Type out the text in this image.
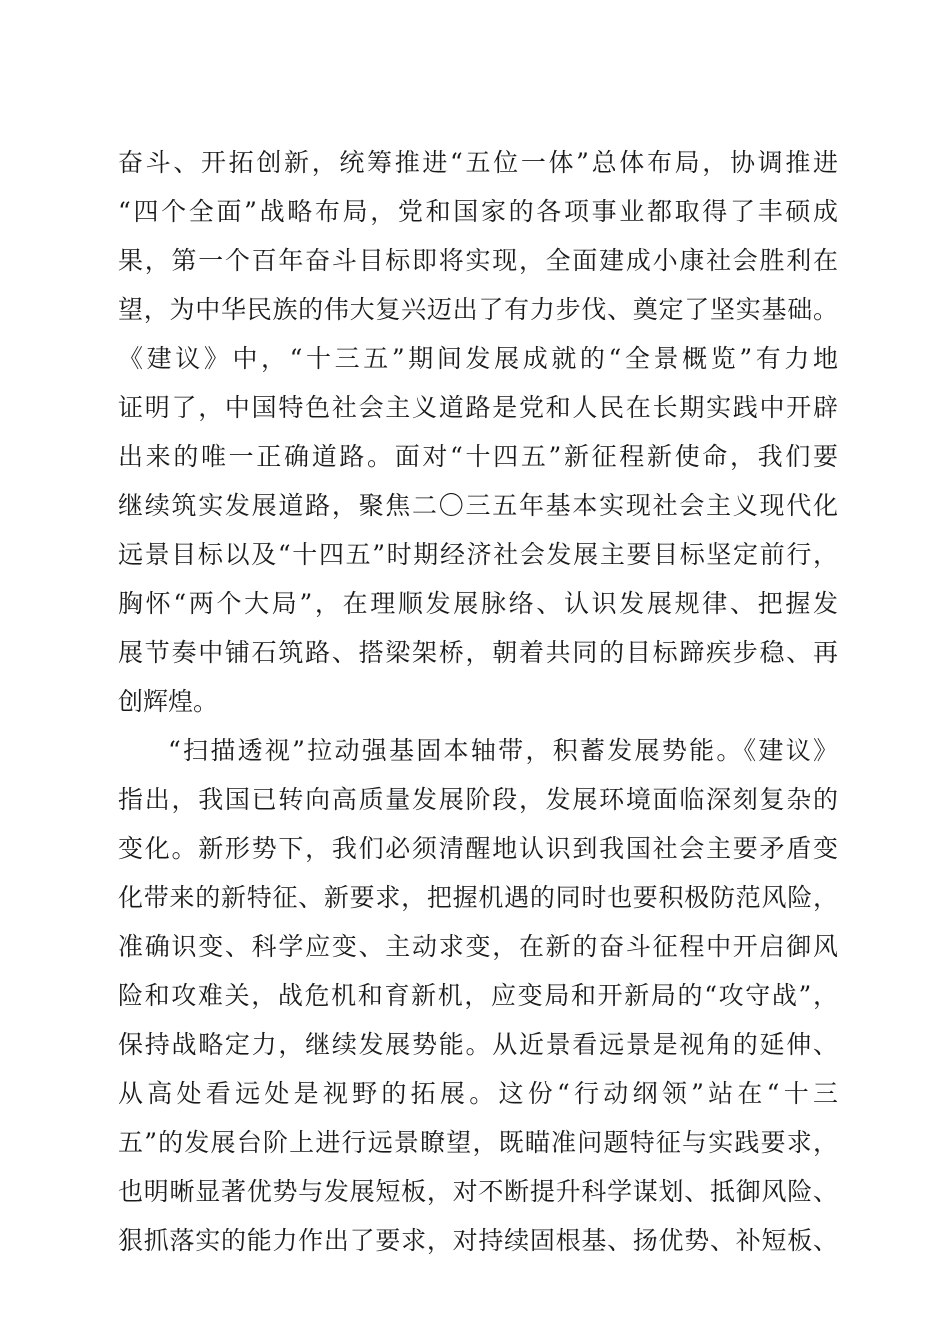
奋斗、开拓创新，统筹推进“五位一体”总体布局，协调推进
“四个全面”战略布局，党和国家的各项事业都取得了丰硕成
果，第一个百年奋斗目标即将实现，全面建成小康社会胜利在
望，为中华民族的伟大复兴迈出了有力步伐、奠定了坚实基础。
《建议》中，“十三五”期间发展成就的“全景概览”有力地
证明了，中国特色社会主义道路是党和人民在长期实践中开辟
出来的唯一正确道路。面对“十四五”新征程新使命，我们要
继续筑实发展道路，聚焦二〇三五年基本实现社会主义现代化
远景目标以及“十四五”时期经济社会发展主要目标坚定前行，
胸怀“两个大局”，在理顺发展脉络、认识发展规律、把握发
展节奏中铺石筑路、搭梁架桥，朝着共同的目标蹄疾步稳、再
创辉煌。
“扫描透视”拉动强基固本轴带，积蓄发展势能。《建议》
指出，我国已转向高质量发展阶段，发展环境面临深刻复杂的
变化。新形势下，我们必须清醒地认识到我国社会主要矛盾变
化带来的新特征、新要求，把握机遇的同时也要积极防范风险，
准确识变、科学应变、主动求变，在新的奋斗征程中开启御风
险和攻难关，战危机和育新机，应变局和开新局的“攻守战”，
保持战略定力，继续发展势能。从近景看远景是视角的延伸、
从高处看远处是视野的拓展。这份“行动纲领”站在“十三
五”的发展台阶上进行远景瞭望，既瞄准问题特征与实践要求，
也明晰显著优势与发展短板，对不断提升科学谋划、抵御风险、
狠抓落实的能力作出了要求，对持续固根基、扬优势、补短板、
